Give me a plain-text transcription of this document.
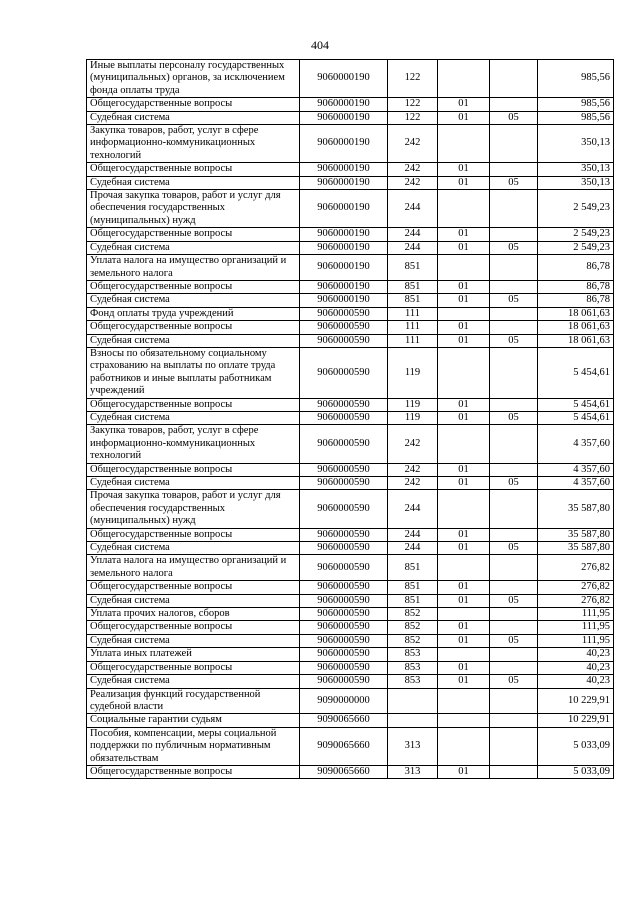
404
Иные выплаты персоналу государственных (муниципальных) органов, за исключением фонда оплаты труда	9060000190	122			985,56
Общегосударственные вопросы	9060000190	122	01		985,56
Судебная система	9060000190	122	01	05	985,56
Закупка товаров, работ, услуг в сфере информационно-коммуникационных технологий	9060000190	242			350,13
Общегосударственные вопросы	9060000190	242	01		350,13
Судебная система	9060000190	242	01	05	350,13
Прочая закупка товаров, работ и услуг для обеспечения государственных (муниципальных) нужд	9060000190	244			2 549,23
Общегосударственные вопросы	9060000190	244	01		2 549,23
Судебная система	9060000190	244	01	05	2 549,23
Уплата налога на имущество организаций и земельного налога	9060000190	851			86,78
Общегосударственные вопросы	9060000190	851	01		86,78
Судебная система	9060000190	851	01	05	86,78
Фонд оплаты труда учреждений	9060000590	111			18 061,63
Общегосударственные вопросы	9060000590	111	01		18 061,63
Судебная система	9060000590	111	01	05	18 061,63
Взносы по обязательному социальному страхованию на выплаты по оплате труда работников и иные выплаты работникам учреждений	9060000590	119			5 454,61
Общегосударственные вопросы	9060000590	119	01		5 454,61
Судебная система	9060000590	119	01	05	5 454,61
Закупка товаров, работ, услуг в сфере информационно-коммуникационных технологий	9060000590	242			4 357,60
Общегосударственные вопросы	9060000590	242	01		4 357,60
Судебная система	9060000590	242	01	05	4 357,60
Прочая закупка товаров, работ и услуг для обеспечения государственных (муниципальных) нужд	9060000590	244			35 587,80
Общегосударственные вопросы	9060000590	244	01		35 587,80
Судебная система	9060000590	244	01	05	35 587,80
Уплата налога на имущество организаций и земельного налога	9060000590	851			276,82
Общегосударственные вопросы	9060000590	851	01		276,82
Судебная система	9060000590	851	01	05	276,82
Уплата прочих налогов, сборов	9060000590	852			111,95
Общегосударственные вопросы	9060000590	852	01		111,95
Судебная система	9060000590	852	01	05	111,95
Уплата иных платежей	9060000590	853			40,23
Общегосударственные вопросы	9060000590	853	01		40,23
Судебная система	9060000590	853	01	05	40,23
Реализация функций государственной судебной власти	9090000000				10 229,91
Социальные гарантии судьям	9090065660				10 229,91
Пособия, компенсации, меры социальной поддержки по публичным нормативным обязательствам	9090065660	313			5 033,09
Общегосударственные вопросы	9090065660	313	01		5 033,09
